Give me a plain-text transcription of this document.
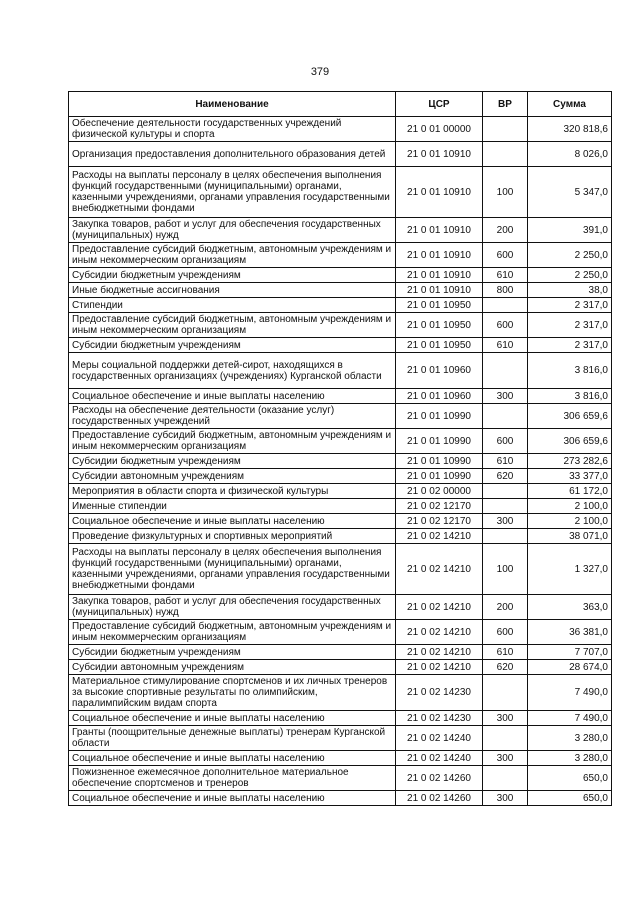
379
Наименование	ЦСР	ВР	Сумма
Обеспечение деятельности государственных учреждений физической культуры и спорта	21 0 01 00000		320 818,6
Организация предоставления дополнительного образования детей	21 0 01 10910		8 026,0
Расходы на выплаты персоналу в целях обеспечения выполнения функций государственными (муниципальными) органами, казенными учреждениями, органами управления государственными внебюджетными фондами	21 0 01 10910	100	5 347,0
Закупка товаров, работ и услуг для обеспечения государственных (муниципальных) нужд	21 0 01 10910	200	391,0
Предоставление субсидий бюджетным, автономным учреждениям и иным некоммерческим организациям	21 0 01 10910	600	2 250,0
Субсидии бюджетным учреждениям	21 0 01 10910	610	2 250,0
Иные бюджетные ассигнования	21 0 01 10910	800	38,0
Стипендии	21 0 01 10950		2 317,0
Предоставление субсидий бюджетным, автономным учреждениям и иным некоммерческим организациям	21 0 01 10950	600	2 317,0
Субсидии бюджетным учреждениям	21 0 01 10950	610	2 317,0
Меры социальной поддержки детей-сирот, находящихся в государственных организациях (учреждениях) Курганской области	21 0 01 10960		3 816,0
Социальное обеспечение и иные выплаты населению	21 0 01 10960	300	3 816,0
Расходы на обеспечение деятельности (оказание услуг) государственных учреждений	21 0 01 10990		306 659,6
Предоставление субсидий бюджетным, автономным учреждениям и иным некоммерческим организациям	21 0 01 10990	600	306 659,6
Субсидии бюджетным учреждениям	21 0 01 10990	610	273 282,6
Субсидии автономным учреждениям	21 0 01 10990	620	33 377,0
Мероприятия в области спорта и физической культуры	21 0 02 00000		61 172,0
Именные стипендии	21 0 02 12170		2 100,0
Социальное обеспечение и иные выплаты населению	21 0 02 12170	300	2 100,0
Проведение физкультурных и спортивных мероприятий	21 0 02 14210		38 071,0
Расходы на выплаты персоналу в целях обеспечения выполнения функций государственными (муниципальными) органами, казенными учреждениями, органами управления государственными внебюджетными фондами	21 0 02 14210	100	1 327,0
Закупка товаров, работ и услуг для обеспечения государственных (муниципальных) нужд	21 0 02 14210	200	363,0
Предоставление субсидий бюджетным, автономным учреждениям и иным некоммерческим организациям	21 0 02 14210	600	36 381,0
Субсидии бюджетным учреждениям	21 0 02 14210	610	7 707,0
Субсидии автономным учреждениям	21 0 02 14210	620	28 674,0
Материальное стимулирование спортсменов и их личных тренеров за высокие спортивные результаты по олимпийским, паралимпийским видам спорта	21 0 02 14230		7 490,0
Социальное обеспечение и иные выплаты населению	21 0 02 14230	300	7 490,0
Гранты (поощрительные денежные выплаты) тренерам Курганской области	21 0 02 14240		3 280,0
Социальное обеспечение и иные выплаты населению	21 0 02 14240	300	3 280,0
Пожизненное ежемесячное дополнительное материальное обеспечение спортсменов и тренеров	21 0 02 14260		650,0
Социальное обеспечение и иные выплаты населению	21 0 02 14260	300	650,0
